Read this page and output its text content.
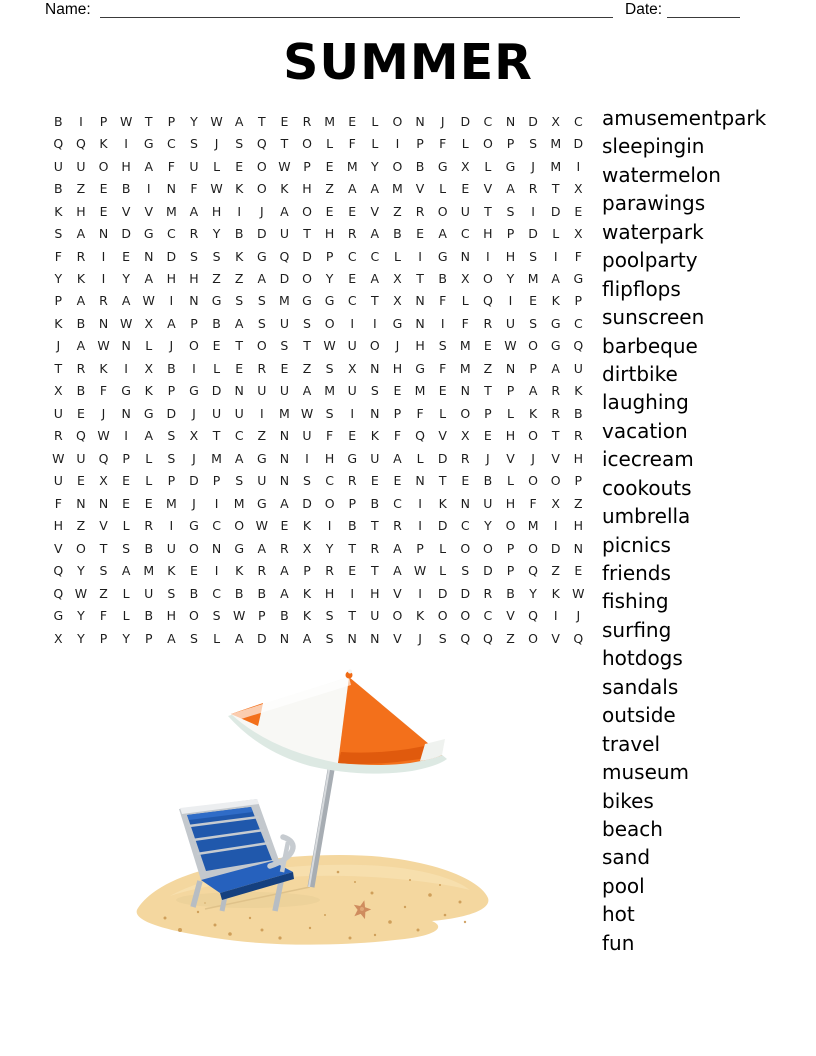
Name:	Date:
SUMMER
B	I	P	W	T	P	Y	W A	T	E	R	M	E	L	O	N	J	D	C	N	D	X	C
Q	Q	K	I	G	C	S	J	S	Q	T	O	L	F	L	I	P	F	L	O	P	S	M D
U	U	O	H	A	F	U	L	E	O W	P	E	M	Y	O	B	G	X	L	G	J	M	I
B	Z	E	B	I	N	F	W K	O	K	H	Z	A	A	M	V	L	E	V	A	R	T	X
K	H	E	V	V	M	A	H	I	J	A	O	E	E	V	Z	R	O	U	T	S	I	D	E
S	A	N	D	G	C	R	Y	B	D	U	T	H	R	A	B	E	A	C	H	P	D	L	X
F	R	I	E	N	D	S	S	K	G	Q	D	P	C	C	L	I	G	N	I	H	S	I	F
Y	K	I	Y	A	H	H	Z	Z	A	D	O	Y	E	A	X	T	B	X	O	Y	M	A	G
P	A	R	A W	I	N	G	S	S	M G	G	C	T	X	N	F	L	Q	I	E	K	P
K	B	N W X	A	P	B	A	S	U	S	O	I	I	G	N	I	F	R	U	S	G	C
J	A W N	L	J	O	E	T	O	S	T	W U	O	J	H	S	M	E W O	G	Q
T	R	K	I	X	B	I	L	E	R	E	Z	S	X	N	H	G	F	M	Z	N	P	A	U
X	B	F	G	K	P	G	D	N	U	U	A	M	U	S	E	M	E	N	T	P	A	R	K
U	E	J	N	G	D	J	U	U	I	M W S	I	N	P	F	L	O	P	L	K	R	B
R	Q W	I	A	S	X	T	C	Z	N	U	F	E	K	F	Q	V	X	E	H	O	T	R
W U	Q	P	L	S	J	M	A	G	N	I	H	G	U	A	L	D	R	J	V	J	V	H
U	E	X	E	L	P	D	P	S	U	N	S	C	R	E	E	N	T	E	B	L	O	O	P
F	N	N	E	E	M	J	I	M G	A	D	O	P	B	C	I	K	N	U	H	F	X	Z
H	Z	V	L	R	I	G	C	O W E	K	I	B	T	R	I	D	C	Y	O M	I	H
V	O	T	S	B	U	O	N	G	A	R	X	Y	T	R	A	P	L	O	O	P	O	D	N
Q	Y	S	A	M	K	E	I	K	R	A	P	R	E	T	A W	L	S	D	P	Q	Z	E
Q W Z	L	U	S	B	C	B	B	A	K	H	I	H	V	I	D	D	R	B	Y	K W
G	Y	F	L	B	H	O	S W	P	B	K	S	T	U	O	K	O	O	C	V	Q	I	J
X	Y	P	Y	P	A	S	L	A	D	N	A	S	N	N	V	J	S	Q	Q	Z	O	V	Q
amusementpark
sleepingin
watermelon
parawings
waterpark
poolparty
flipflops
sunscreen
barbeque
dirtbike
laughing
vacation
icecream
cookouts
umbrella
picnics
friends
fishing
surfing
hotdogs
sandals
outside
travel
museum
bikes
beach
sand
pool
hot
fun
